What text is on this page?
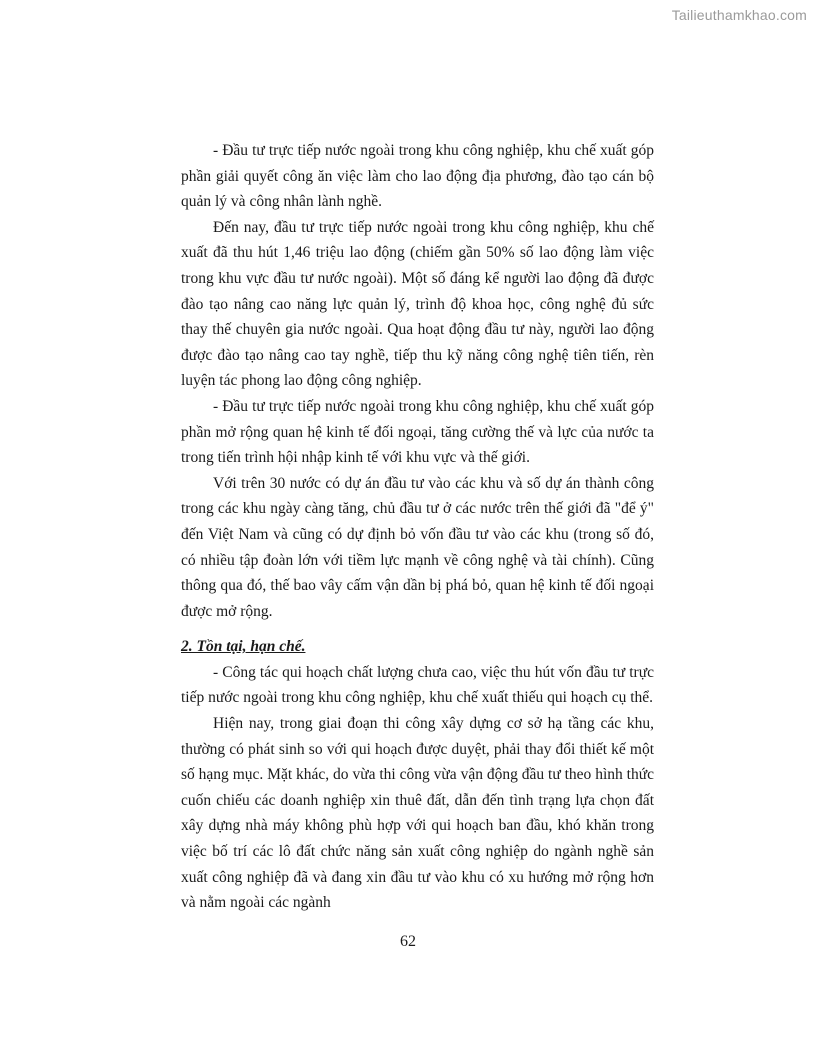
Tailieuthamkhao.com

- Đầu tư trực tiếp nước ngoài trong khu công nghiệp, khu chế xuất góp phần giải quyết công ăn việc làm cho lao động địa phương, đào tạo cán bộ quản lý và công nhân lành nghề.

Đến nay, đầu tư trực tiếp nước ngoài trong khu công nghiệp, khu chế xuất đã thu hút 1,46 triệu lao động (chiếm gần 50% số lao động làm việc trong khu vực đầu tư nước ngoài). Một số đáng kể người lao động đã được đào tạo nâng cao năng lực quản lý, trình độ khoa học, công nghệ đủ sức thay thế chuyên gia nước ngoài. Qua hoạt động đầu tư này, người lao động được đào tạo nâng cao tay nghề, tiếp thu kỹ năng công nghệ tiên tiến, rèn luyện tác phong lao động công nghiệp.

- Đầu tư trực tiếp nước ngoài trong khu công nghiệp, khu chế xuất góp phần mở rộng quan hệ kinh tế đối ngoại, tăng cường thế và lực của nước ta trong tiến trình hội nhập kinh tế với khu vực và thế giới.

Với trên 30 nước có dự án đầu tư vào các khu và số dự án thành công trong các khu ngày càng tăng, chủ đầu tư ở các nước trên thế giới đã "để ý" đến Việt Nam và cũng có dự định bỏ vốn đầu tư vào các khu (trong số đó, có nhiều tập đoàn lớn với tiềm lực mạnh về công nghệ và tài chính). Cũng thông qua đó, thế bao vây cấm vận dần bị phá bỏ, quan hệ kinh tế đối ngoại được mở rộng.

2. Tồn tại, hạn chế.

- Công tác qui hoạch chất lượng chưa cao, việc thu hút vốn đầu tư trực tiếp nước ngoài trong khu công nghiệp, khu chế xuất thiếu qui hoạch cụ thể.

Hiện nay, trong giai đoạn thi công xây dựng cơ sở hạ tầng các khu, thường có phát sinh so với qui hoạch được duyệt, phải thay đổi thiết kế một số hạng mục. Mặt khác, do vừa thi công vừa vận động đầu tư theo hình thức cuốn chiếu các doanh nghiệp xin thuê đất, dẫn đến tình trạng lựa chọn đất xây dựng nhà máy không phù hợp với qui hoạch ban đầu, khó khăn trong việc bố trí các lô đất chức năng sản xuất công nghiệp do ngành nghề sản xuất công nghiệp đã và đang xin đầu tư vào khu có xu hướng mở rộng hơn và nằm ngoài các ngành

62
